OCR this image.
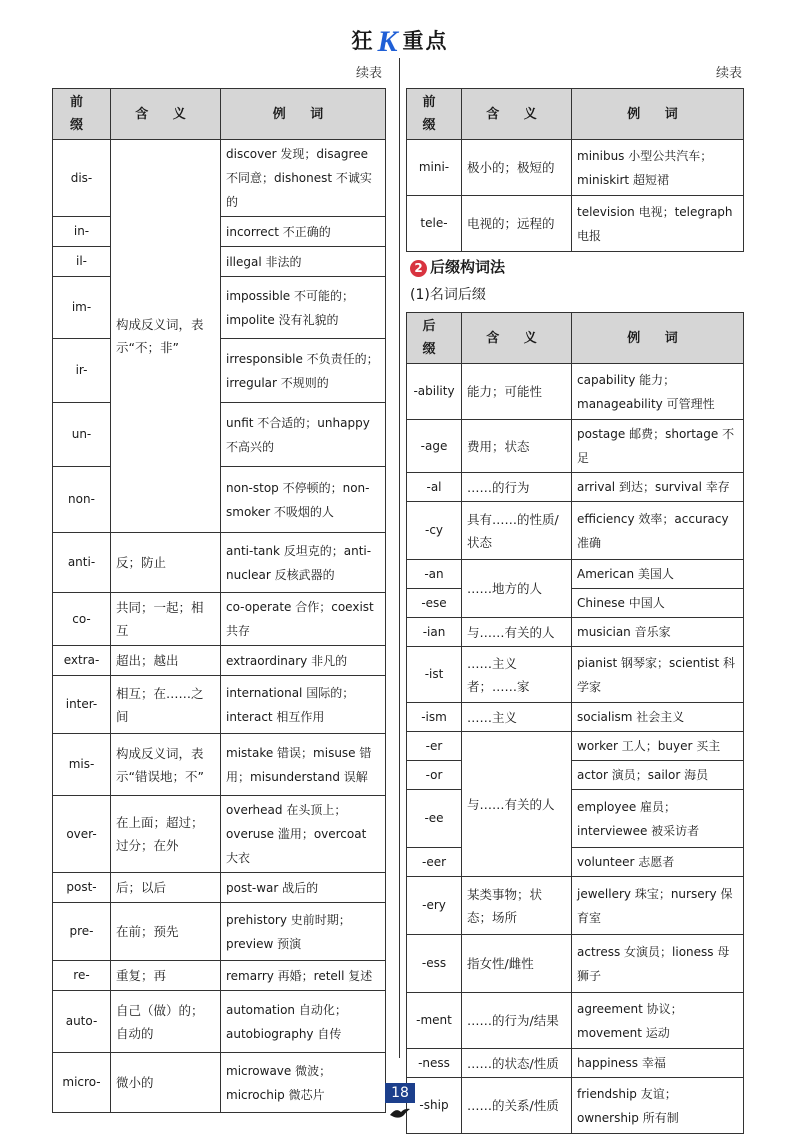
狂 K 重点
续表	续表
前 缀	含 义	例 词
dis-	构成反义词，表示“不；非”	discover 发现；disagree 不同意；dishonest 不诚实的
in-		incorrect 不正确的
il-		illegal 非法的
im-		impossible 不可能的；impolite 没有礼貌的
ir-		irresponsible 不负责任的；irregular 不规则的
un-		unfit 不合适的；unhappy 不高兴的
non-		non-stop 不停顿的；non-smoker 不吸烟的人
anti-	反；防止	anti-tank 反坦克的；anti-nuclear 反核武器的
co-	共同；一起；相互	co-operate 合作；coexist 共存
extra-	超出；越出	extraordinary 非凡的
inter-	相互；在……之间	international 国际的；interact 相互作用
mis-	构成反义词，表示“错误地；不”	mistake 错误；misuse 错用；misunderstand 误解
over-	在上面；超过；过分；在外	overhead 在头顶上；overuse 滥用；overcoat 大衣
post-	后；以后	post-war 战后的
pre-	在前；预先	prehistory 史前时期；preview 预演
re-	重复；再	remarry 再婚；retell 复述
auto-	自己（做）的；自动的	automation 自动化；autobiography 自传
micro-	微小的	microwave 微波；microchip 微芯片
前 缀	含 义	例 词
mini-	极小的；极短的	minibus 小型公共汽车；miniskirt 超短裙
tele-	电视的；远程的	television 电视；telegraph 电报
2 后缀构词法
(1)名词后缀
后 缀	含 义	例 词
-ability	能力；可能性	capability 能力；manageability 可管理性
-age	费用；状态	postage 邮费；shortage 不足
-al	……的行为	arrival 到达；survival 幸存
-cy	具有……的性质/状态	efficiency 效率；accuracy 准确
-an	……地方的人	American 美国人
-ese		Chinese 中国人
-ian	与……有关的人	musician 音乐家
-ist	……主义者；……家	pianist 钢琴家；scientist 科学家
-ism	……主义	socialism 社会主义
-er	与……有关的人	worker 工人；buyer 买主
-or		actor 演员；sailor 海员
-ee		employee 雇员；interviewee 被采访者
-eer		volunteer 志愿者
-ery	某类事物；状态；场所	jewellery 珠宝；nursery 保育室
-ess	指女性/雌性	actress 女演员；lioness 母狮子
-ment	……的行为/结果	agreement 协议；movement 运动
-ness	……的状态/性质	happiness 幸福
-ship	……的关系/性质	friendship 友谊；ownership 所有制
18
